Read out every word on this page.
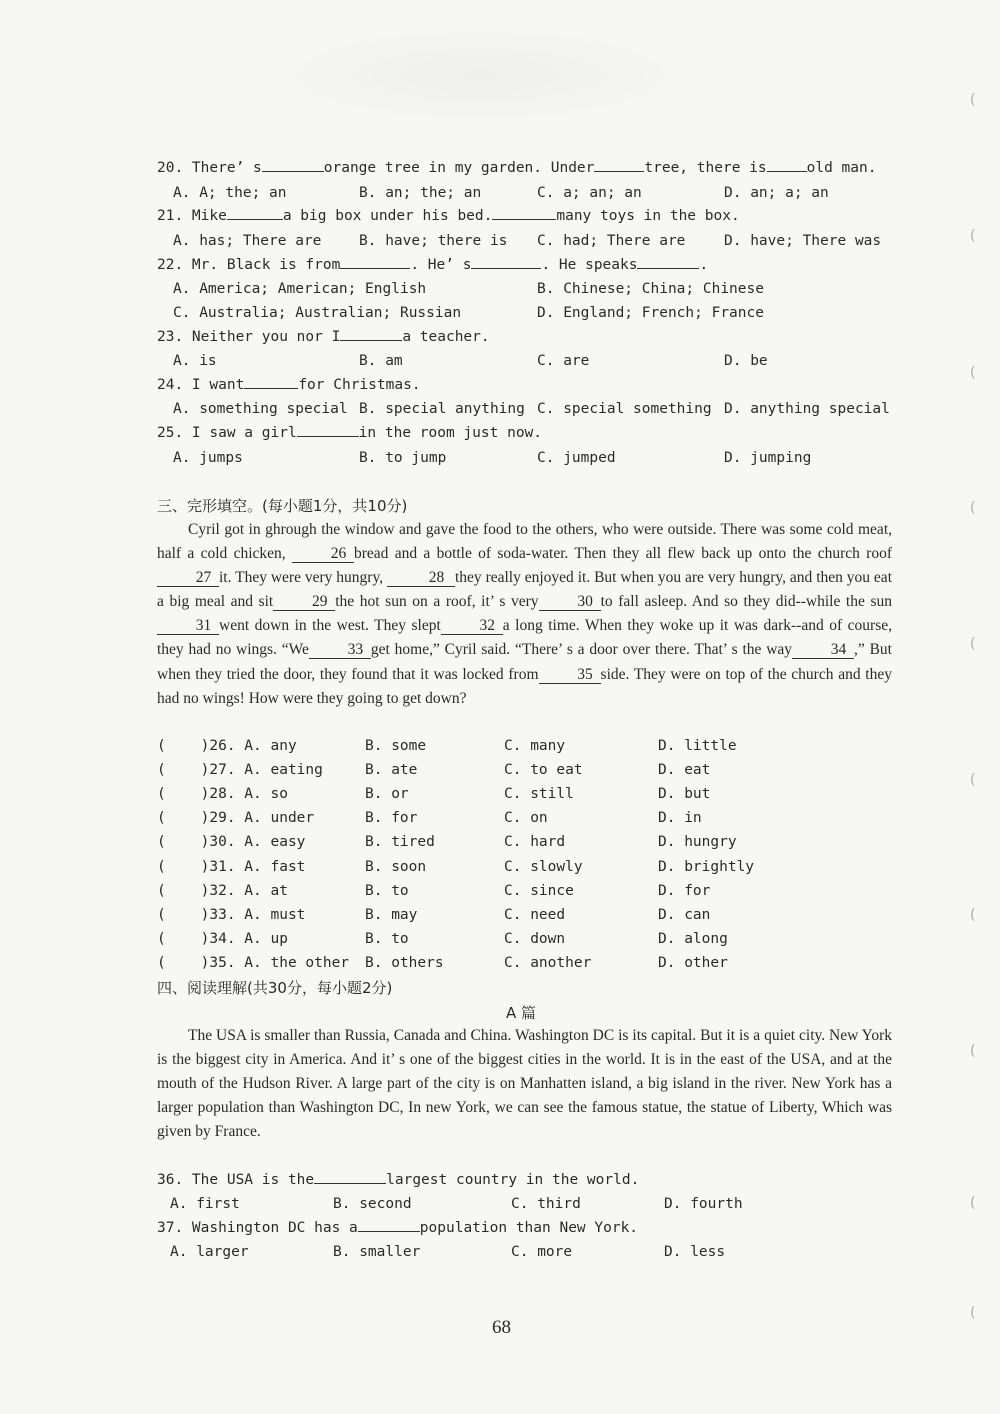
20. There’ s	orange tree in my garden. Under	tree, there is	old man.
A. A; the; an	B. an; the; an	C. a; an; an	D. an; a; an
21. Mike	a big box under his bed.	many toys in the box.
A. has; There are	B. have; there is C. had; There are	D. have; There was
22. Mr. Black is from	. He’ s	. He speaks	.
A. America; American; English	B. Chinese; China; Chinese
C. Australia; Australian; Russian	D. England; French; France
23. Neither you nor I	a teacher.
A. is	B. am	C. are	D. be
24. I want	for Christmas.
A. something special B. special anything C. special something D. anything special
25. I saw a girl	in the room just now.
A. jumps	B. to jump	C. jumped	D. jumping
三、完形填空。(每小题1分，共10分)
Cyril got in ghrough the window and gave the food to the others, who were outside. There was some cold meat, half a cold chicken,	26 bread and a bottle of soda-water. Then they all flew back up onto the church roof27 it. They were very hungry,	28 they really enjoyed it. But when you are very hungry, and then you eat a big meal and sit	29 the hot sun on a roof, it’ s very	30 to fall asleep. And so they did--while the sun31 went down in the west. They slept	32 a long time. When they woke up it was dark--and of course, they had no wings. “We	33 get home,” Cyril said. “There’ s a door over there. That’ s the way	34 ,” But when they tried the door, they found that it was locked from	35 side. They were on top of the church and they had no wings! How were they going to get down?
(    )26. A. any	B. some	C. many	D. little
(    )27. A. eating	B. ate	C. to eat	D. eat
(    )28. A. so	B. or	C. still	D. but
(    )29. A. under	B. for	C. on	D. in
(    )30. A. easy	B. tired	C. hard	D. hungry
(    )31. A. fast	B. soon	C. slowly	D. brightly
(    )32. A. at	B. to	C. since	D. for
(    )33. A. must	B. may	C. need	D. can
(    )34. A. up	B. to	C. down	D. along
(    )35. A. the other B. others	C. another	D. other
四、阅读理解(共30分，每小题2分)
A 篇
The USA is smaller than Russia, Canada and China. Washington DC is its capital. But it is a quiet city. New York is the biggest city in America. And it’ s one of the biggest cities in the world. It is in the east of the USA, and at the mouth of the Hudson River. A large part of the city is on Manhatten island, a big island in the river. New York has a larger population than Washington DC, In new York, we can see the famous statue, the statue of Liberty, Which was given by France.
36. The USA is the	largest country in the world.
A. first	B. second	C. third	D. fourth
37. Washington DC has a	population than New York.
A. larger	B. smaller	C. more	D. less
68
(
(
(
(
(
(
(
(
(
(
